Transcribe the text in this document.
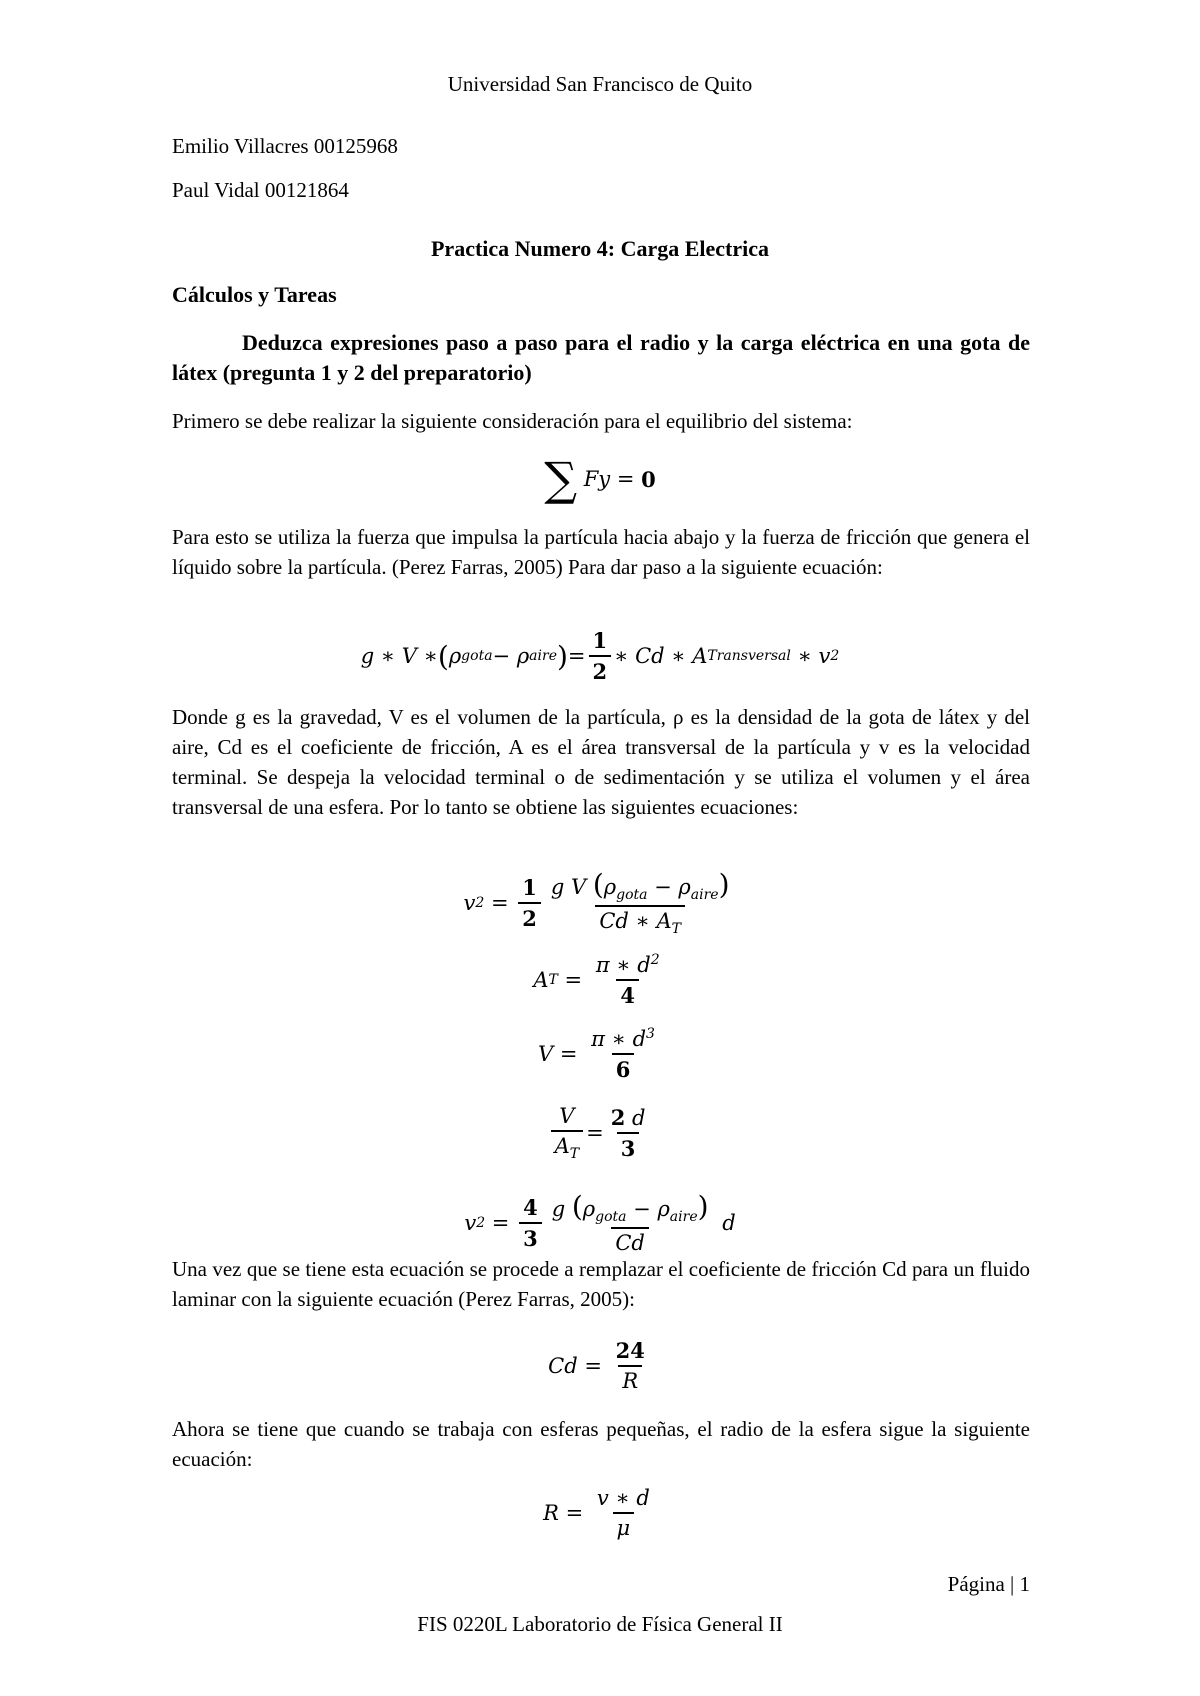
Universidad San Francisco de Quito
Emilio Villacres 00125968
Paul Vidal 00121864
Practica Numero 4: Carga Electrica
Cálculos y Tareas
Deduzca expresiones paso a paso para el radio y la carga eléctrica en una gota de látex (pregunta 1 y 2 del preparatorio)
Primero se debe realizar la siguiente consideración para el equilibrio del sistema:
∑ Fy = 0
Para esto se utiliza la fuerza que impulsa la partícula hacia abajo y la fuerza de fricción que genera el líquido sobre la partícula. (Perez Farras, 2005) Para dar paso a la siguiente ecuación:
g ∗ V ∗ ( ρ gota − ρ aire ) = $\frac{1}{2}$ ∗ Cd ∗ A Transversal ∗ v 2
Donde g es la gravedad, V es el volumen de la partícula, ρ es la densidad de la gota de látex y del aire, Cd es el coeficiente de fricción, A es el área transversal de la partícula y v es la velocidad terminal. Se despeja la velocidad terminal o de sedimentación y se utiliza el volumen y el área transversal de una esfera. Por lo tanto se obtiene las siguientes ecuaciones:
v $2 = \frac{1}{2} \frac{g V (\rho_{gota} - \rho_{aire})}{Cd ∗ A_T}$
A $T = \frac{\pi ∗ d^2}{4}$
$V = \frac{\pi ∗ d^3}{6}$
$\frac{V}{A_T} = \frac{2 d}{3}$
v $2 = \frac{4}{3} \frac{g (\rho_{gota} - \rho_{aire})}{Cd}$ d
Una vez que se tiene esta ecuación se procede a remplazar el coeficiente de fricción Cd para un fluido laminar con la siguiente ecuación (Perez Farras, 2005):
$Cd = \frac{24}{R}$
Ahora se tiene que cuando se trabaja con esferas pequeñas, el radio de la esfera sigue la siguiente ecuación:
$R = \frac{v ∗ d}{\mu}$
Página | 1
FIS 0220L Laboratorio de Física General II
